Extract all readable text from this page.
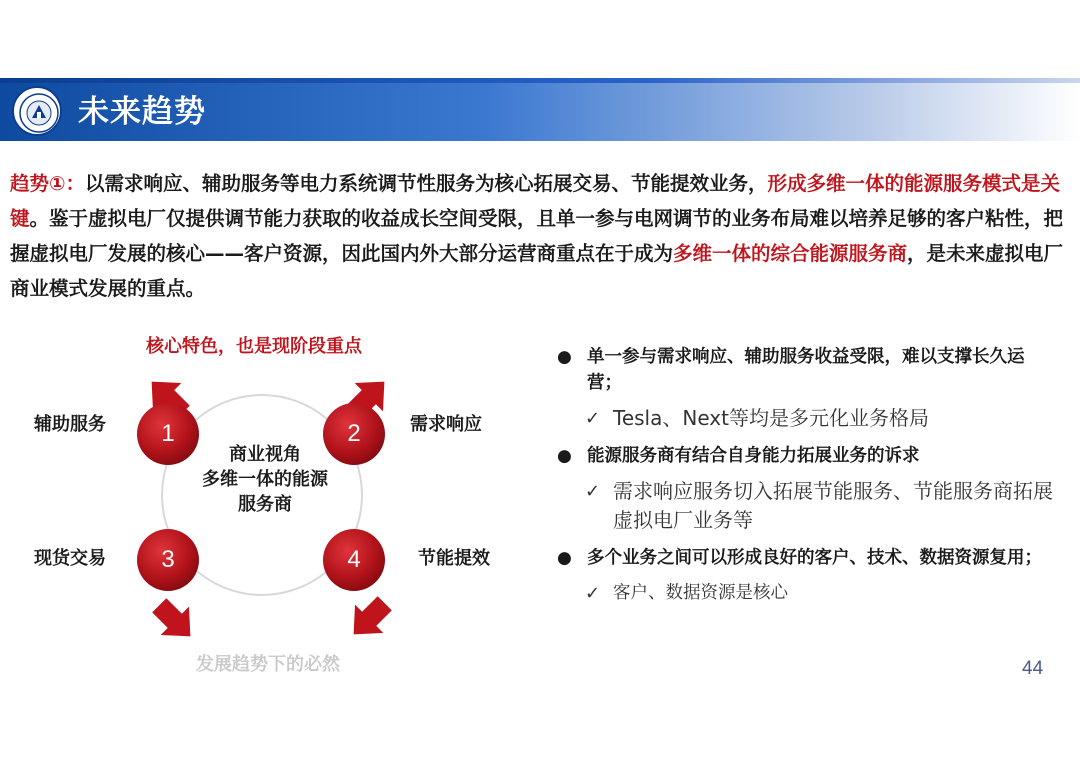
未来趋势
趋势①：以需求响应、辅助服务等电力系统调节性服务为核心拓展交易、节能提效业务，形成多维一体的能源服务模式是关键。鉴于虚拟电厂仅提供调节能力获取的收益成长空间受限，且单一参与电网调节的业务布局难以培养足够的客户粘性，把握虚拟电厂发展的核心——客户资源，因此国内外大部分运营商重点在于成为多维一体的综合能源服务商，是未来虚拟电厂商业模式发展的重点。
核心特色，也是现阶段重点
发展趋势下的必然
商业视角
多维一体的能源
服务商
1	2
3	4
辅助服务	需求响应
现货交易	节能提效
● 单一参与需求响应、辅助服务收益受限，难以支撑长久运营；
✓ Tesla、Next等均是多元化业务格局
● 能源服务商有结合自身能力拓展业务的诉求
✓ 需求响应服务切入拓展节能服务、节能服务商拓展虚拟电厂业务等
● 多个业务之间可以形成良好的客户、技术、数据资源复用；
✓ 客户、数据资源是核心
44
